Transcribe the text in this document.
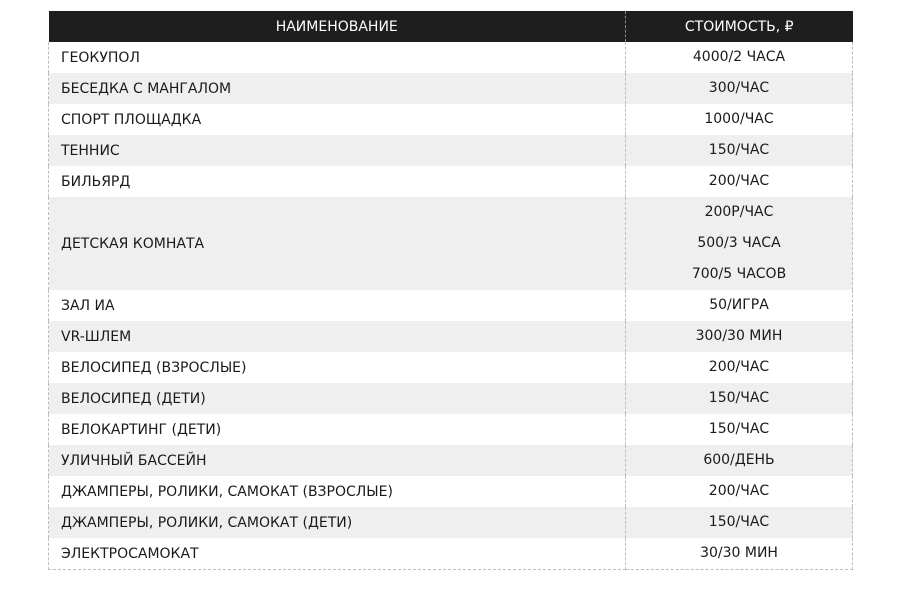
НАИМЕНОВАНИЕ	СТОИМОСТЬ, ₽
ГЕОКУПОЛ	4000/2 ЧАСА

БЕСЕДКА С МАНГАЛОМ	300/ЧАС

СПОРТ ПЛОЩАДКА	1000/ЧАС

ТЕННИС	150/ЧАС

БИЛЬЯРД	200/ЧАС

ДЕТСКАЯ КОМНАТА	200Р/ЧАС
500/3 ЧАСА
700/5 ЧАСОВ

ЗАЛ ИА	50/ИГРА

VR-ШЛЕМ	300/30 МИН

ВЕЛОСИПЕД (ВЗРОСЛЫЕ)	200/ЧАС

ВЕЛОСИПЕД (ДЕТИ)	150/ЧАС

ВЕЛОКАРТИНГ (ДЕТИ)	150/ЧАС

УЛИЧНЫЙ БАССЕЙН	600/ДЕНЬ

ДЖАМПЕРЫ, РОЛИКИ, САМОКАТ (ВЗРОСЛЫЕ)	200/ЧАС

ДЖАМПЕРЫ, РОЛИКИ, САМОКАТ (ДЕТИ)	150/ЧАС

ЭЛЕКТРОСАМОКАТ	30/30 МИН
